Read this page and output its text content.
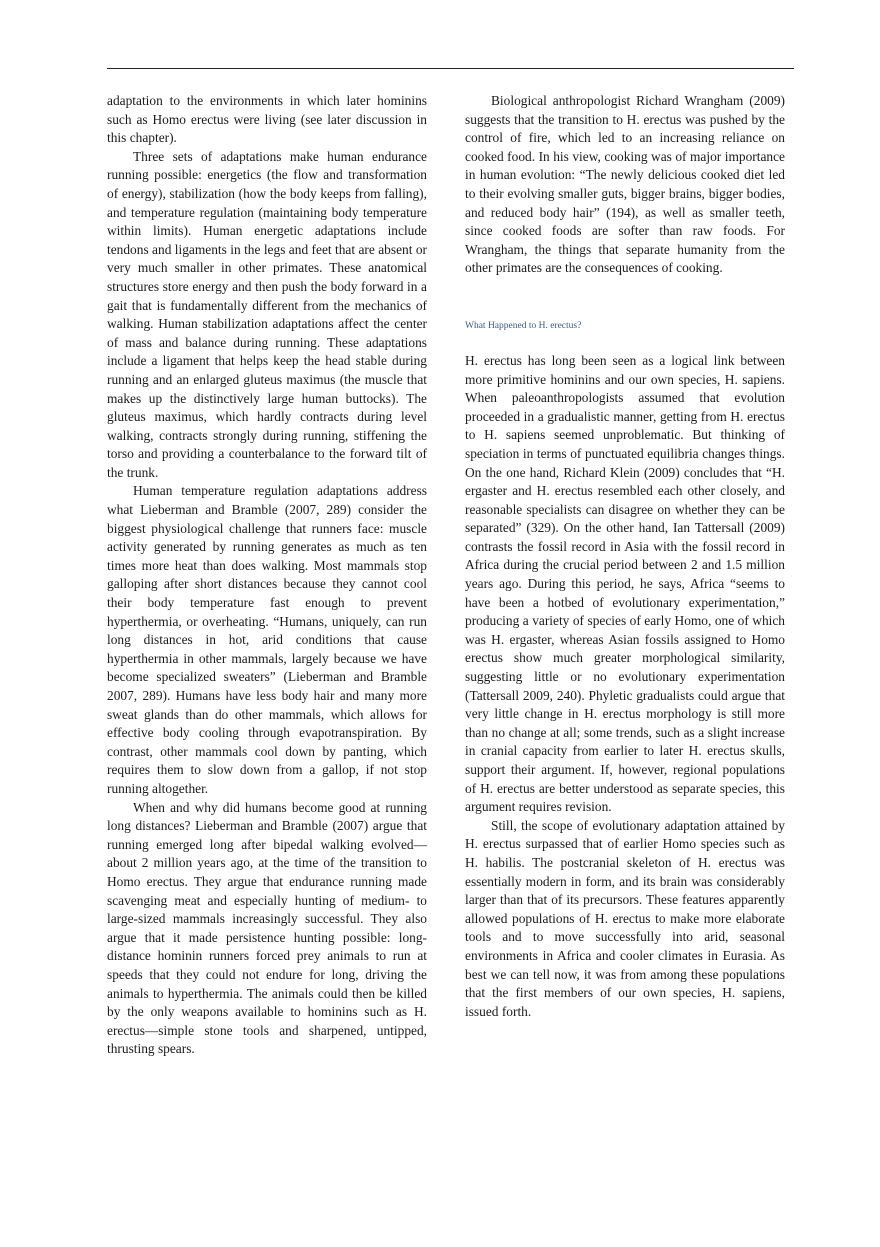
adaptation to the environments in which later hominins such as Homo erectus were living (see later discussion in this chapter).

Three sets of adaptations make human endurance running possible: energetics (the flow and transformation of energy), stabilization (how the body keeps from falling), and temperature regulation (maintaining body temperature within limits). Human energetic adaptations include tendons and ligaments in the legs and feet that are absent or very much smaller in other primates. These anatomical structures store energy and then push the body forward in a gait that is fundamentally different from the mechanics of walking. Human stabilization adaptations affect the center of mass and balance during running. These adaptations include a ligament that helps keep the head stable during running and an enlarged gluteus maximus (the muscle that makes up the distinctively large human buttocks). The gluteus maximus, which hardly contracts during level walking, contracts strongly during running, stiffening the torso and providing a counterbalance to the forward tilt of the trunk.

Human temperature regulation adaptations address what Lieberman and Bramble (2007, 289) consider the biggest physiological challenge that runners face: muscle activity generated by running generates as much as ten times more heat than does walking. Most mammals stop galloping after short distances because they cannot cool their body temperature fast enough to prevent hyperthermia, or overheating. “Humans, uniquely, can run long distances in hot, arid conditions that cause hyperthermia in other mammals, largely because we have become specialized sweaters” (Lieberman and Bramble 2007, 289). Humans have less body hair and many more sweat glands than do other mammals, which allows for effective body cooling through evapotranspiration. By contrast, other mammals cool down by panting, which requires them to slow down from a gallop, if not stop running altogether.

When and why did humans become good at running long distances? Lieberman and Bramble (2007) argue that running emerged long after bipedal walking evolved—about 2 million years ago, at the time of the transition to Homo erectus. They argue that endurance running made scavenging meat and especially hunting of medium- to large-sized mammals increasingly successful. They also argue that it made persistence hunting possible: long-distance hominin runners forced prey animals to run at speeds that they could not endure for long, driving the animals to hyperthermia. The animals could then be killed by the only weapons available to hominins such as H. erectus—simple stone tools and sharpened, untipped, thrusting spears.

Biological anthropologist Richard Wrangham (2009) suggests that the transition to H. erectus was pushed by the control of fire, which led to an increasing reliance on cooked food. In his view, cooking was of major importance in human evolution: “The newly delicious cooked diet led to their evolving smaller guts, bigger brains, bigger bodies, and reduced body hair” (194), as well as smaller teeth, since cooked foods are softer than raw foods. For Wrangham, the things that separate humanity from the other primates are the consequences of cooking.

What Happened to H. erectus?

H. erectus has long been seen as a logical link between more primitive hominins and our own species, H. sapiens. When paleoanthropologists assumed that evolution proceeded in a gradualistic manner, getting from H. erectus to H. sapiens seemed unproblematic. But thinking of speciation in terms of punctuated equilibria changes things. On the one hand, Richard Klein (2009) concludes that “H. ergaster and H. erectus resembled each other closely, and reasonable specialists can disagree on whether they can be separated” (329). On the other hand, Ian Tattersall (2009) contrasts the fossil record in Asia with the fossil record in Africa during the crucial period between 2 and 1.5 million years ago. During this period, he says, Africa “seems to have been a hotbed of evolutionary experimentation,” producing a variety of species of early Homo, one of which was H. ergaster, whereas Asian fossils assigned to Homo erectus show much greater morphological similarity, suggesting little or no evolutionary experimentation (Tattersall 2009, 240). Phyletic gradualists could argue that very little change in H. erectus morphology is still more than no change at all; some trends, such as a slight increase in cranial capacity from earlier to later H. erectus skulls, support their argument. If, however, regional populations of H. erectus are better understood as separate species, this argument requires revision.

Still, the scope of evolutionary adaptation attained by H. erectus surpassed that of earlier Homo species such as H. habilis. The postcranial skeleton of H. erectus was essentially modern in form, and its brain was considerably larger than that of its precursors. These features apparently allowed populations of H. erectus to make more elaborate tools and to move successfully into arid, seasonal environments in Africa and cooler climates in Eurasia. As best we can tell now, it was from among these populations that the first members of our own species, H. sapiens, issued forth.
